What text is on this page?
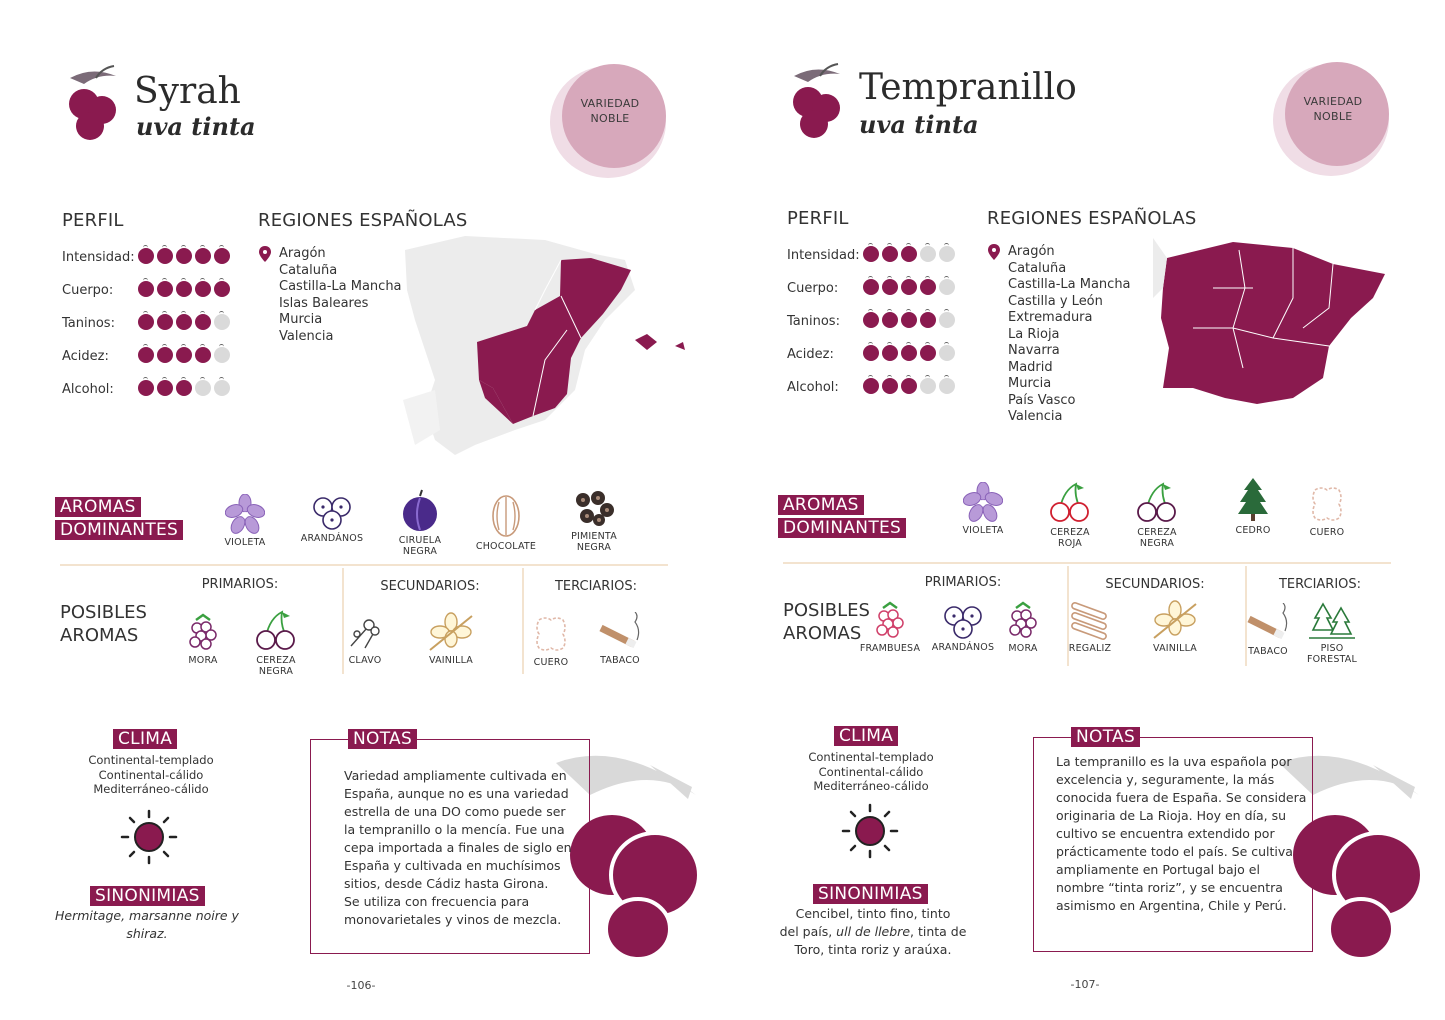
Syrah
uva tinta
VARIEDAD
NOBLE
PERFIL	REGIONES ESPAÑOLAS
Aragón
Cataluña
Castilla-La Mancha
Islas Baleares
Murcia
Valencia
AROMAS
DOMINANTES
POSIBLES
AROMAS
PRIMARIOS:	SECUNDARIOS:	TERCIARIOS:
CLIMA
Continental-templado
Continental-cálido
Mediterráneo-cálido
SINONIMIAS
Hermitage, marsanne noire y
shiraz.
NOTAS
Variedad ampliamente cultivada en
España, aunque no es una variedad
estrella de una DO como puede ser
la tempranillo o la mencía. Fue una
cepa importada a finales de siglo en
España y cultivada en muchísimos
sitios, desde Cádiz hasta Girona.
Se utiliza con frecuencia para
monovarietales y vinos de mezcla.
-106-
Intensidad:
Cuerpo:
Taninos:
Acidez:
Alcohol:
VIOLETA	ARANDÁNOS	CIRUELA
NEGRA	CHOCOLATE
PIMIENTA
NEGRA
MORA	CEREZA
NEGRA
CLAVO	VAINILLA	CUERO	TABACO
Tempranillo
uva tinta
VARIEDAD
NOBLE
PERFIL	REGIONES ESPAÑOLAS
Aragón
Cataluña
Castilla-La Mancha
Castilla y León
Extremadura
La Rioja
Navarra
Madrid
Murcia
País Vasco
Valencia
AROMAS
DOMINANTES
POSIBLES
AROMAS
PRIMARIOS:	SECUNDARIOS:	TERCIARIOS:
CLIMA
Continental-templado
Continental-cálido
Mediterráneo-cálido
SINONIMIAS
Cencibel, tinto fino, tinto
del país, ull de llebre, tinta de
Toro, tinta roriz y araúxa.
NOTAS
La tempranillo es la uva española por
excelencia y, seguramente, la más
conocida fuera de España. Se considera
originaria de La Rioja. Hoy en día, su
cultivo se encuentra extendido por
prácticamente todo el país. Se cultiva
ampliamente en Portugal bajo el
nombre “tinta roriz”, y se encuentra
asimismo en Argentina, Chile y Perú.
-107-
Intensidad:
Cuerpo:
Taninos:
Acidez:
Alcohol:
VIOLETA	CEREZA
ROJA
CEREZA
NEGRA
CEDRO	CUERO
FRAMBUESA	ARANDÁNOS	MORA	REGALIZ	VAINILLA	TABACO	PISO
FORESTAL
